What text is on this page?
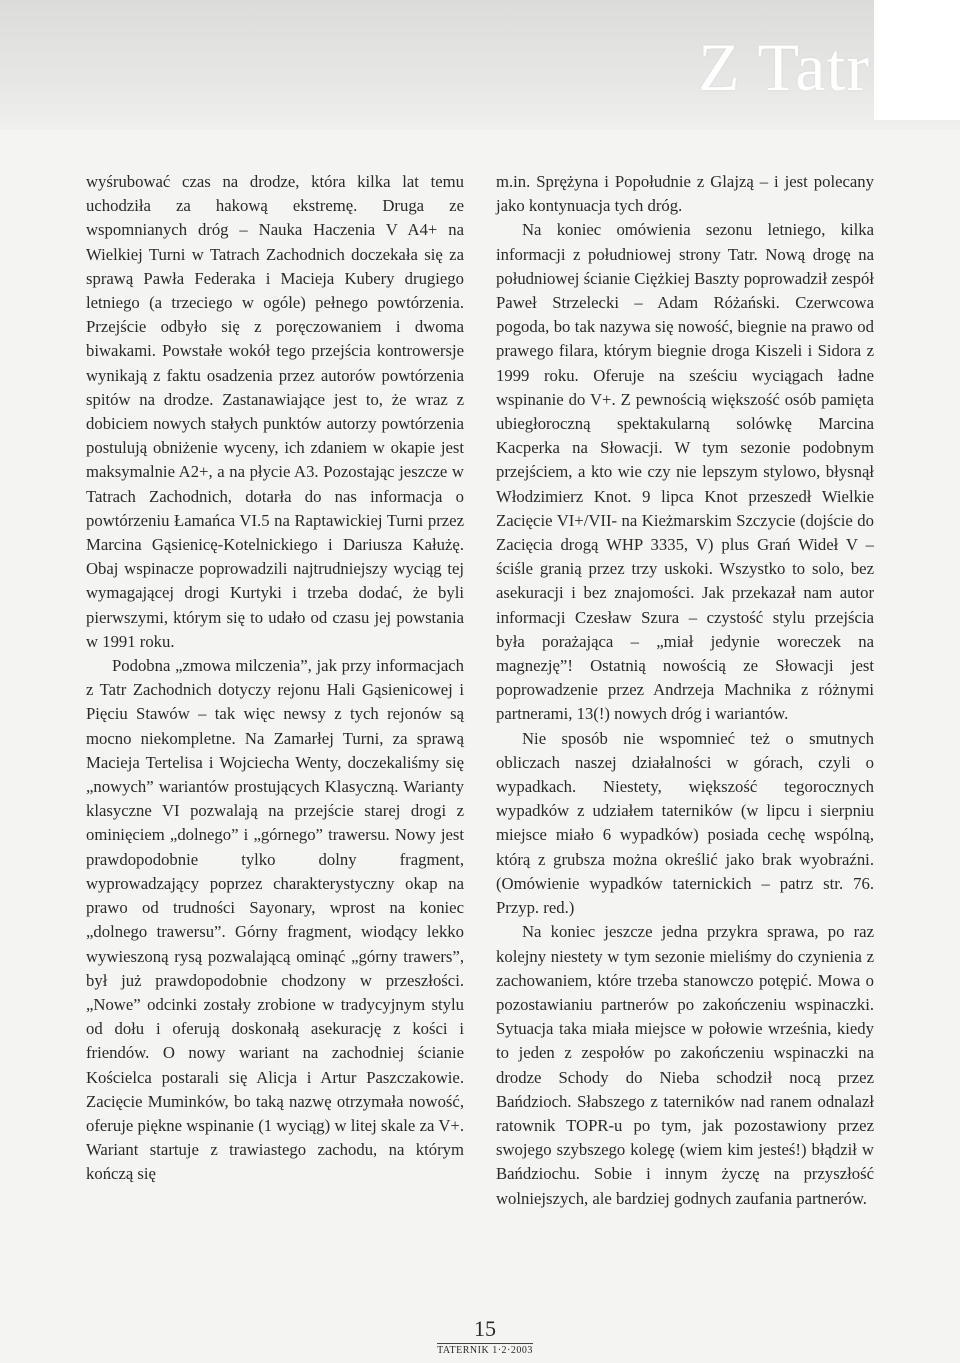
Z Tatr

wyśrubować czas na drodze, która kilka lat temu uchodziła za hakową ekstremę. Druga ze wspomnianych dróg – Nauka Haczenia V A4+ na Wielkiej Turni w Tatrach Zachodnich doczekała się za sprawą Pawła Federaka i Macieja Kubery drugiego letniego (a trzeciego w ogóle) pełnego powtórzenia. Przejście odbyło się z poręczowaniem i dwoma biwakami. Powstałe wokół tego przejścia kontrowersje wynikają z faktu osadzenia przez autorów powtórzenia spitów na drodze. Zastanawiające jest to, że wraz z dobiciem nowych stałych punktów autorzy powtórzenia postulują obniżenie wyceny, ich zdaniem w okapie jest maksymalnie A2+, a na płycie A3. Pozostając jeszcze w Tatrach Zachodnich, dotarła do nas informacja o powtórzeniu Łamańca VI.5 na Raptawickiej Turni przez Marcina Gąsienicę-Kotelnickiego i Dariusza Kałużę. Obaj wspinacze poprowadzili najtrudniejszy wyciąg tej wymagającej drogi Kurtyki i trzeba dodać, że byli pierwszymi, którym się to udało od czasu jej powstania w 1991 roku.

Podobna „zmowa milczenia”, jak przy informacjach z Tatr Zachodnich dotyczy rejonu Hali Gąsienicowej i Pięciu Stawów – tak więc newsy z tych rejonów są mocno niekompletne. Na Zamarłej Turni, za sprawą Macieja Tertelisa i Wojciecha Wenty, doczekaliśmy się „nowych” wariantów prostujących Klasyczną. Warianty klasyczne VI pozwalają na przejście starej drogi z ominięciem „dolnego” i „górnego” trawersu. Nowy jest prawdopodobnie tylko dolny fragment, wyprowadzający poprzez charakterystyczny okap na prawo od trudności Sayonary, wprost na koniec „dolnego trawersu”. Górny fragment, wiodący lekko wywieszoną rysą pozwalającą ominąć „górny trawers”, był już prawdopodobnie chodzony w przeszłości. „Nowe” odcinki zostały zrobione w tradycyjnym stylu od dołu i oferują doskonałą asekurację z kości i friendów. O nowy wariant na zachodniej ścianie Kościelca postarali się Alicja i Artur Paszczakowie. Zacięcie Muminków, bo taką nazwę otrzymała nowość, oferuje piękne wspinanie (1 wyciąg) w litej skale za V+. Wariant startuje z trawiastego zachodu, na którym kończą się

m.in. Sprężyna i Popołudnie z Glajzą – i jest polecany jako kontynuacja tych dróg.

Na koniec omówienia sezonu letniego, kilka informacji z południowej strony Tatr. Nową drogę na południowej ścianie Ciężkiej Baszty poprowadził zespół Paweł Strzelecki – Adam Różański. Czerwcowa pogoda, bo tak nazywa się nowość, biegnie na prawo od prawego filara, którym biegnie droga Kiszeli i Sidora z 1999 roku. Oferuje na sześciu wyciągach ładne wspinanie do V+. Z pewnością większość osób pamięta ubiegłoroczną spektakularną solówkę Marcina Kacperka na Słowacji. W tym sezonie podobnym przejściem, a kto wie czy nie lepszym stylowo, błysnął Włodzimierz Knot. 9 lipca Knot przeszedł Wielkie Zacięcie VI+/VII- na Kieżmarskim Szczycie (dojście do Zacięcia drogą WHP 3335, V) plus Grań Wideł V – ściśle granią przez trzy uskoki. Wszystko to solo, bez asekuracji i bez znajomości. Jak przekazał nam autor informacji Czesław Szura – czystość stylu przejścia była porażająca – „miał jedynie woreczek na magnezję”! Ostatnią nowością ze Słowacji jest poprowadzenie przez Andrzeja Machnika z różnymi partnerami, 13(!) nowych dróg i wariantów.

Nie sposób nie wspomnieć też o smutnych obliczach naszej działalności w górach, czyli o wypadkach. Niestety, większość tegorocznych wypadków z udziałem taterników (w lipcu i sierpniu miejsce miało 6 wypadków) posiada cechę wspólną, którą z grubsza można określić jako brak wyobraźni. (Omówienie wypadków taternickich – patrz str. 76. Przyp. red.)

Na koniec jeszcze jedna przykra sprawa, po raz kolejny niestety w tym sezonie mieliśmy do czynienia z zachowaniem, które trzeba stanowczo potępić. Mowa o pozostawianiu partnerów po zakończeniu wspinaczki. Sytuacja taka miała miejsce w połowie września, kiedy to jeden z zespołów po zakończeniu wspinaczki na drodze Schody do Nieba schodził nocą przez Bańdzioch. Słabszego z taterników nad ranem odnalazł ratownik TOPR-u po tym, jak pozostawiony przez swojego szybszego kolegę (wiem kim jesteś!) błądził w Bańdziochu. Sobie i innym życzę na przyszłość wolniejszych, ale bardziej godnych zaufania partnerów.

15
TATERNIK 1·2·2003
